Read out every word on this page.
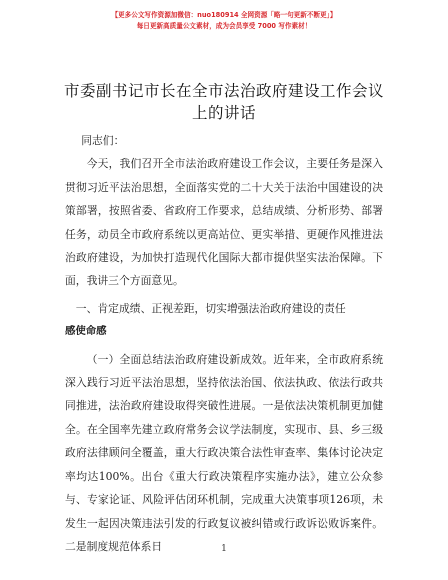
【更多公文写作资源加微信：nuo180914 全网资源「略一句更新不断更」】
每日更新高质量公文素材，成为会员享受 7000 写作素材！
市委副书记市长在全市法治政府建设工作会议
上的讲话

同志们：

今天，我们召开全市法治政府建设工作会议，主要任务是深入贯彻习近平法治思想，全面落实党的二十大关于法治中国建设的决策部署，按照省委、省政府工作要求，总结成绩、分析形势、部署任务，动员全市政府系统以更高站位、更实举措、更硬作风推进法治政府建设，为加快打造现代化国际大都市提供坚实法治保障。下面，我讲三个方面意见。

一、肯定成绩、正视差距，切实增强法治政府建设的责任

感使命感

（一）全面总结法治政府建设新成效。近年来，全市政府系统深入践行习近平法治思想，坚持依法治国、依法执政、依法行政共同推进，法治政府建设取得突破性进展。一是依法决策机制更加健全。在全国率先建立政府常务会议学法制度，实现市、县、乡三级政府法律顾问全覆盖，重大行政决策合法性审查率、集体讨论决定率均达100%。出台《重大行政决策程序实施办法》，建立公众参与、专家论证、风险评估闭环机制，完成重大决策事项126项，未发生一起因决策违法引发的行政复议被纠错或行政诉讼败诉案件。二是制度规范体系日	1
